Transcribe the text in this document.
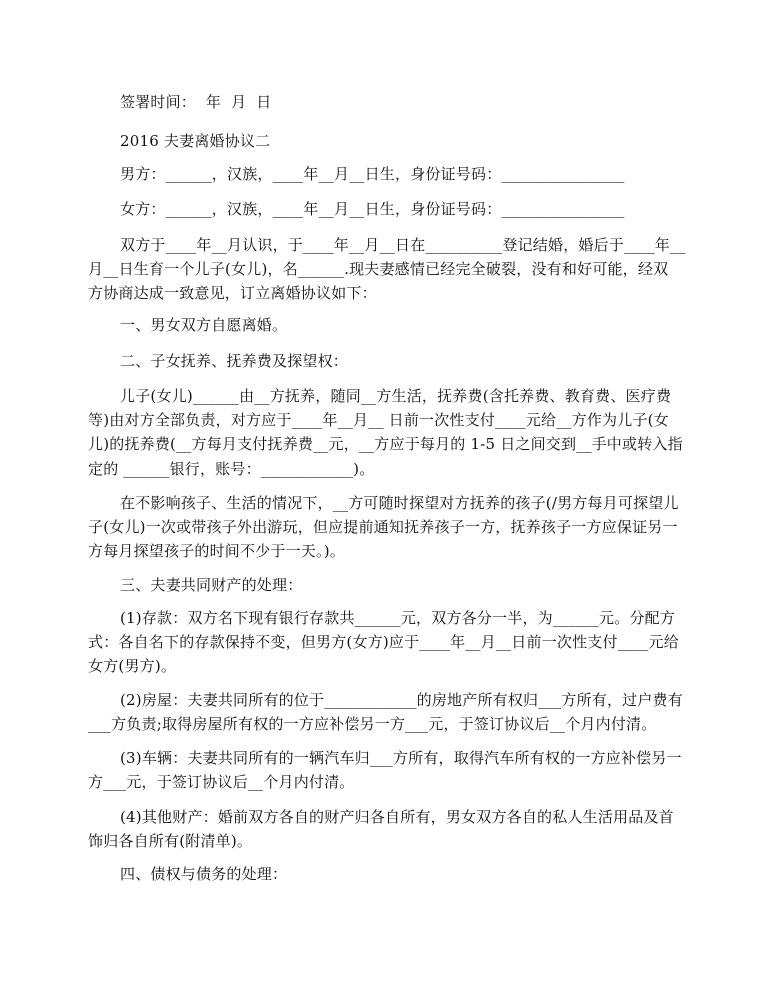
签署时间：  年  月  日
2016 夫妻离婚协议二
男方：______，汉族，____年__月__日生，身份证号码：________________
女方：______，汉族，____年__月__日生，身份证号码：________________
双方于____年__月认识，于____年__月__日在__________登记结婚，婚后于____年__
月__日生育一个儿子(女儿)，名______.现夫妻感情已经完全破裂，没有和好可能，经双
方协商达成一致意见，订立离婚协议如下：
一、男女双方自愿离婚。
二、子女抚养、抚养费及探望权：
儿子(女儿)______由__方抚养，随同__方生活，抚养费(含托养费、教育费、医疗费
等)由对方全部负责，对方应于____年__月__ 日前一次性支付____元给__方作为儿子(女
儿)的抚养费(__方每月支付抚养费__元，__方应于每月的 1-5 日之间交到__手中或转入指
定的 ______银行，账号：____________)。
在不影响孩子、生活的情况下，__方可随时探望对方抚养的孩子(/男方每月可探望儿
子(女儿)一次或带孩子外出游玩，但应提前通知抚养孩子一方，抚养孩子一方应保证另一
方每月探望孩子的时间不少于一天。)。
三、夫妻共同财产的处理：
(1)存款：双方名下现有银行存款共______元，双方各分一半，为______元。分配方
式：各自名下的存款保持不变，但男方(女方)应于____年__月__日前一次性支付____元给
女方(男方)。
(2)房屋：夫妻共同所有的位于____________的房地产所有权归___方所有，过户费有
___方负责;取得房屋所有权的一方应补偿另一方___元，于签订协议后__个月内付清。
(3)车辆：夫妻共同所有的一辆汽车归___方所有，取得汽车所有权的一方应补偿另一
方___元，于签订协议后__个月内付清。
(4)其他财产：婚前双方各自的财产归各自所有，男女双方各自的私人生活用品及首
饰归各自所有(附清单)。
四、债权与债务的处理：
